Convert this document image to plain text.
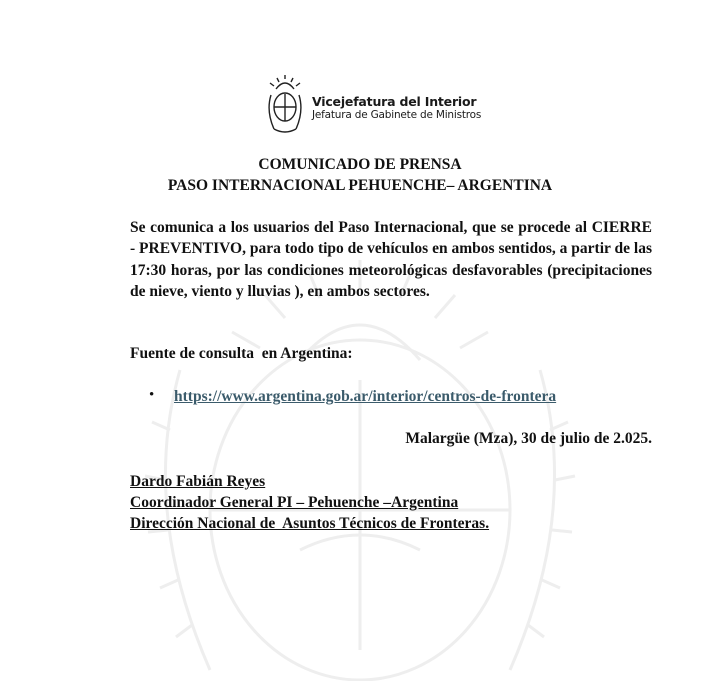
Vicejefatura del Interior
Jefatura de Gabinete de Ministros
COMUNICADO DE PRENSA
PASO INTERNACIONAL PEHUENCHE– ARGENTINA
Se comunica a los usuarios del Paso Internacional, que se procede al CIERRE - PREVENTIVO, para todo tipo de vehículos en ambos sentidos, a partir de las 17:30 horas, por las condiciones meteorológicas desfavorables (precipitaciones de nieve, viento y lluvias ), en ambos sectores.
Fuente de consulta  en Argentina:
• https://www.argentina.gob.ar/interior/centros-de-frontera
Malargüe (Mza), 30 de julio de 2.025.
Dardo Fabián Reyes
Coordinador General PI – Pehuenche –Argentina
Dirección Nacional de  Asuntos Técnicos de Fronteras.
